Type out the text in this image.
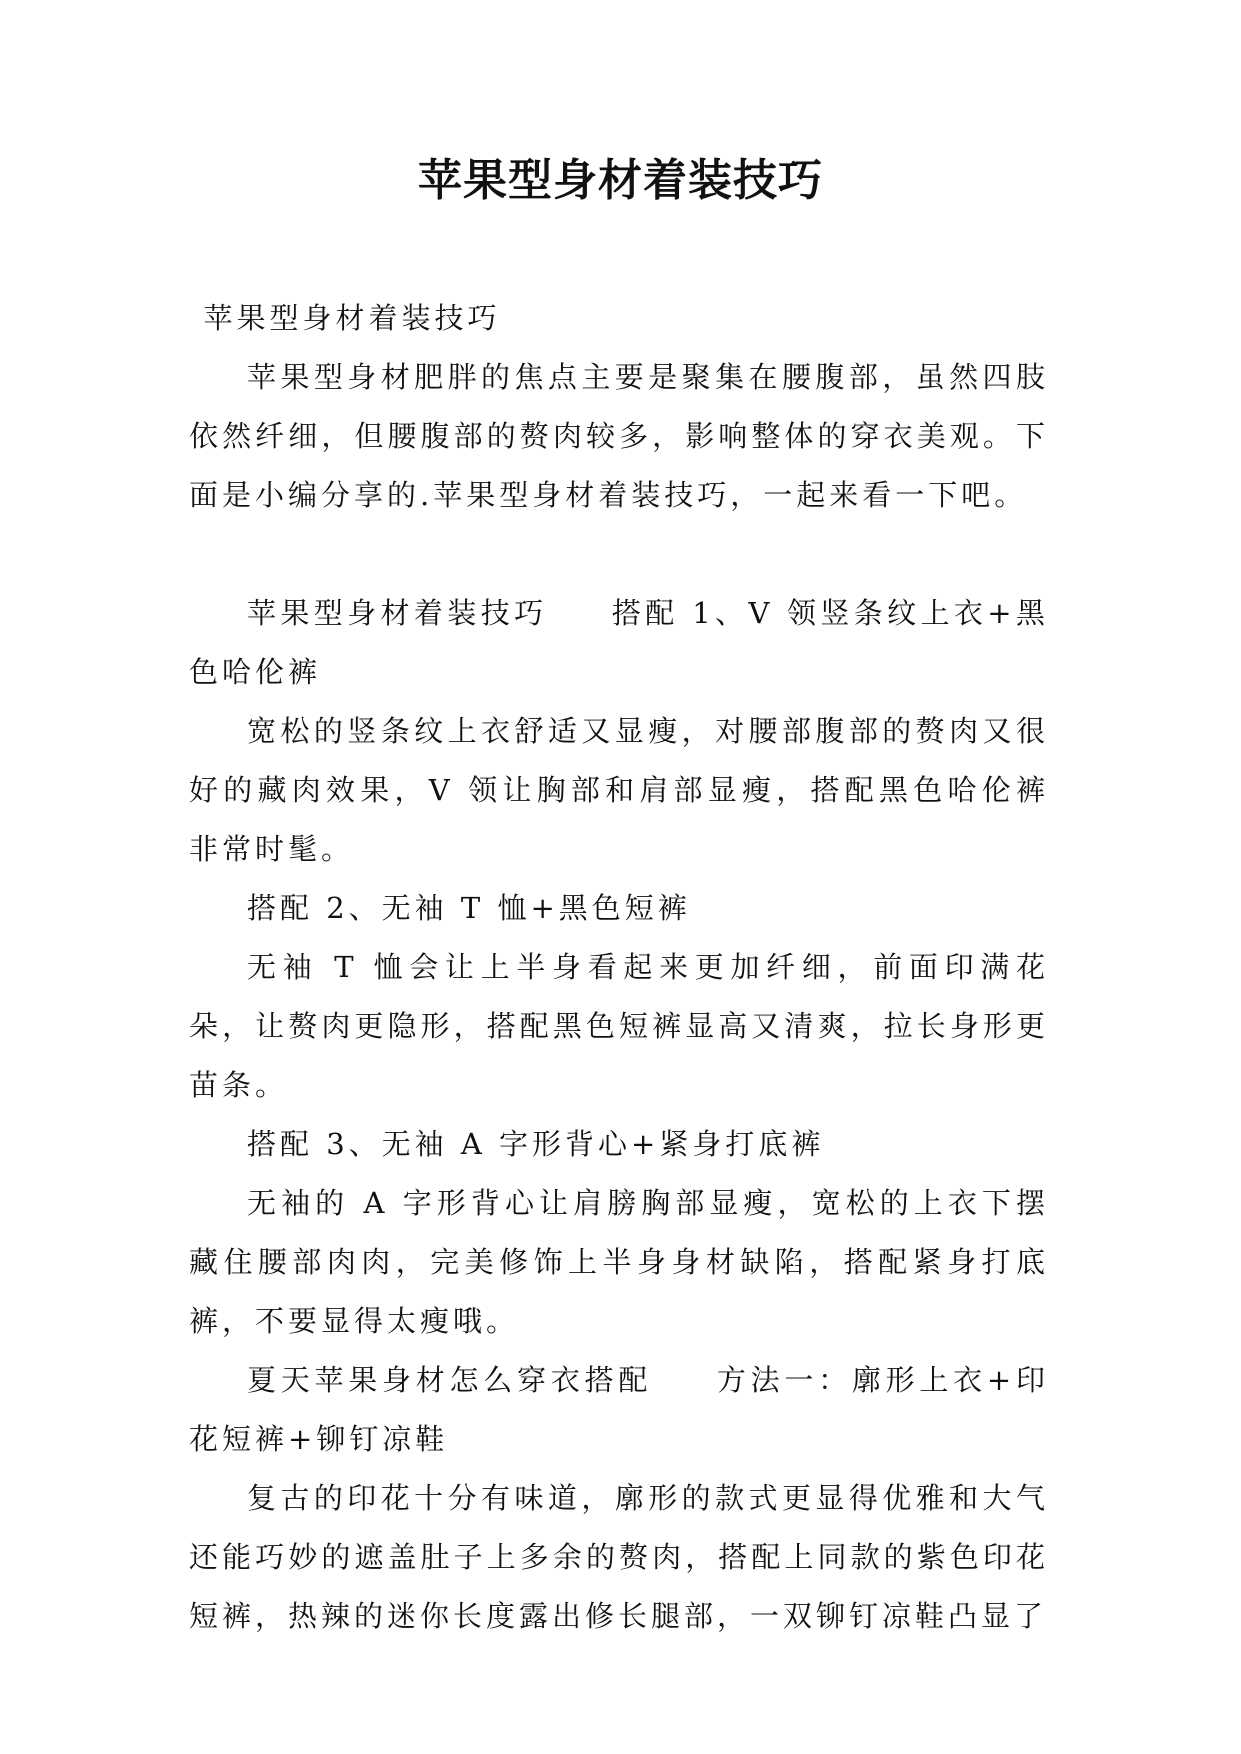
苹果型身材着装技巧

苹果型身材着装技巧

苹果型身材肥胖的焦点主要是聚集在腰腹部，虽然四肢依然纤细，但腰腹部的赘肉较多，影响整体的穿衣美观。下面是小编分享的.苹果型身材着装技巧，一起来看一下吧。

苹果型身材着装技巧 搭配 1、V 领竖条纹上衣+黑色哈伦裤

宽松的竖条纹上衣舒适又显瘦，对腰部腹部的赘肉又很好的藏肉效果，V 领让胸部和肩部显瘦，搭配黑色哈伦裤非常时髦。

搭配 2、无袖 T 恤+黑色短裤

无袖 T 恤会让上半身看起来更加纤细，前面印满花朵，让赘肉更隐形，搭配黑色短裤显高又清爽，拉长身形更苗条。

搭配 3、无袖 A 字形背心+紧身打底裤

无袖的 A 字形背心让肩膀胸部显瘦，宽松的上衣下摆藏住腰部肉肉，完美修饰上半身身材缺陷，搭配紧身打底裤，不要显得太瘦哦。

夏天苹果身材怎么穿衣搭配 方法一：廓形上衣+印花短裤+铆钉凉鞋

复古的印花十分有味道，廓形的款式更显得优雅和大气还能巧妙的遮盖肚子上多余的赘肉，搭配上同款的紫色印花短裤，热辣的迷你长度露出修长腿部，一双铆钉凉鞋凸显了
